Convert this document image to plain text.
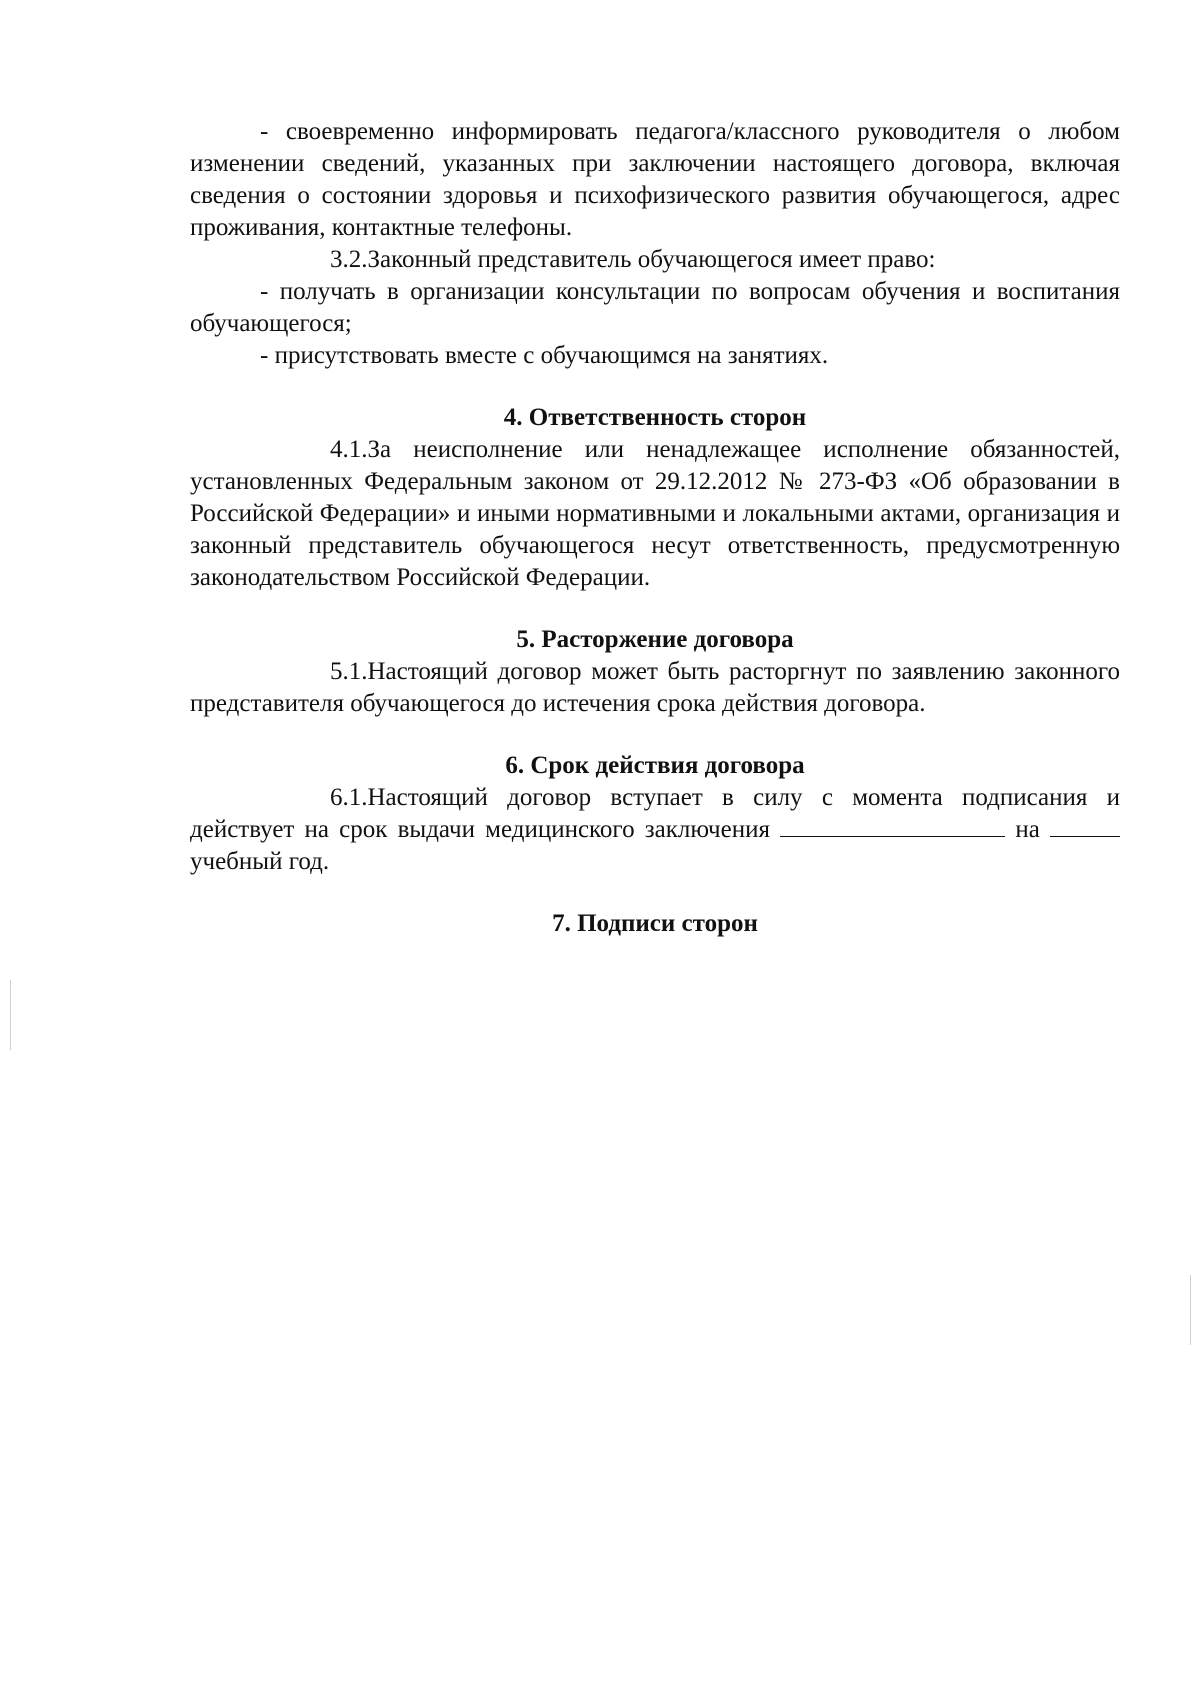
- своевременно информировать педагога/классного руководителя о любом изменении сведений, указанных при заключении настоящего договора, включая сведения о состоянии здоровья и психофизического развития обучающегося, адрес проживания, контактные телефоны.

3.2.Законный представитель обучающегося имеет право:

- получать в организации консультации по вопросам обучения и воспитания обучающегося;

- присутствовать вместе с обучающимся на занятиях.

4. Ответственность сторон

4.1.За неисполнение или ненадлежащее исполнение обязанностей, установленных Федеральным законом от 29.12.2012 № 273-ФЗ «Об образовании в Российской Федерации» и иными нормативными и локальными актами, организация и законный представитель обучающегося несут ответственность, предусмотренную законодательством Российской Федерации.

5. Расторжение договора

5.1.Настоящий договор может быть расторгнут по заявлению законного представителя обучающегося до истечения срока действия договора.

6. Срок действия договора

6.1.Настоящий договор вступает в силу с момента подписания и действует на срок выдачи медицинского заключения	на  учебный год.

7. Подписи сторон
